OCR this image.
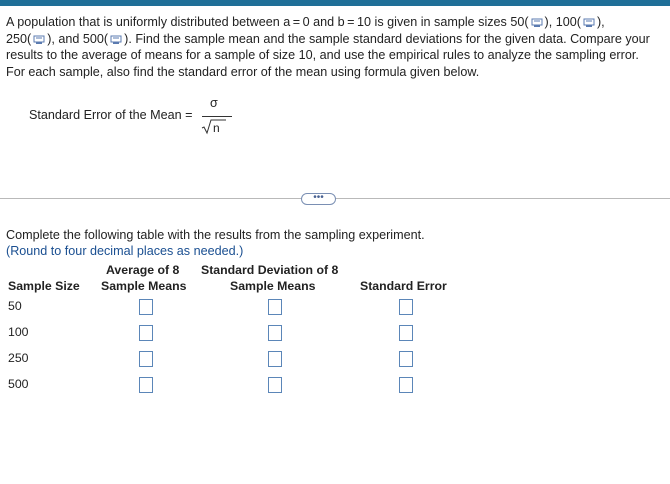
A population that is uniformly distributed between a = 0 and b = 10 is given in sample sizes 50( ), 100( ),
250( ), and 500( ). Find the sample mean and the sample standard deviations for the given data. Compare your results to the average of means for a sample of size 10, and use the empirical rules to analyze the sampling error. For each sample, also find the standard error of the mean using formula given below.
Standard Error of the Mean =
σ
n
•••
Complete the following table with the results from the sampling experiment.
(Round to four decimal places as needed.)
Average of 8 Standard Deviation of 8
Sample Size Sample Means	Sample Means	Standard Error
50
100
250
500
